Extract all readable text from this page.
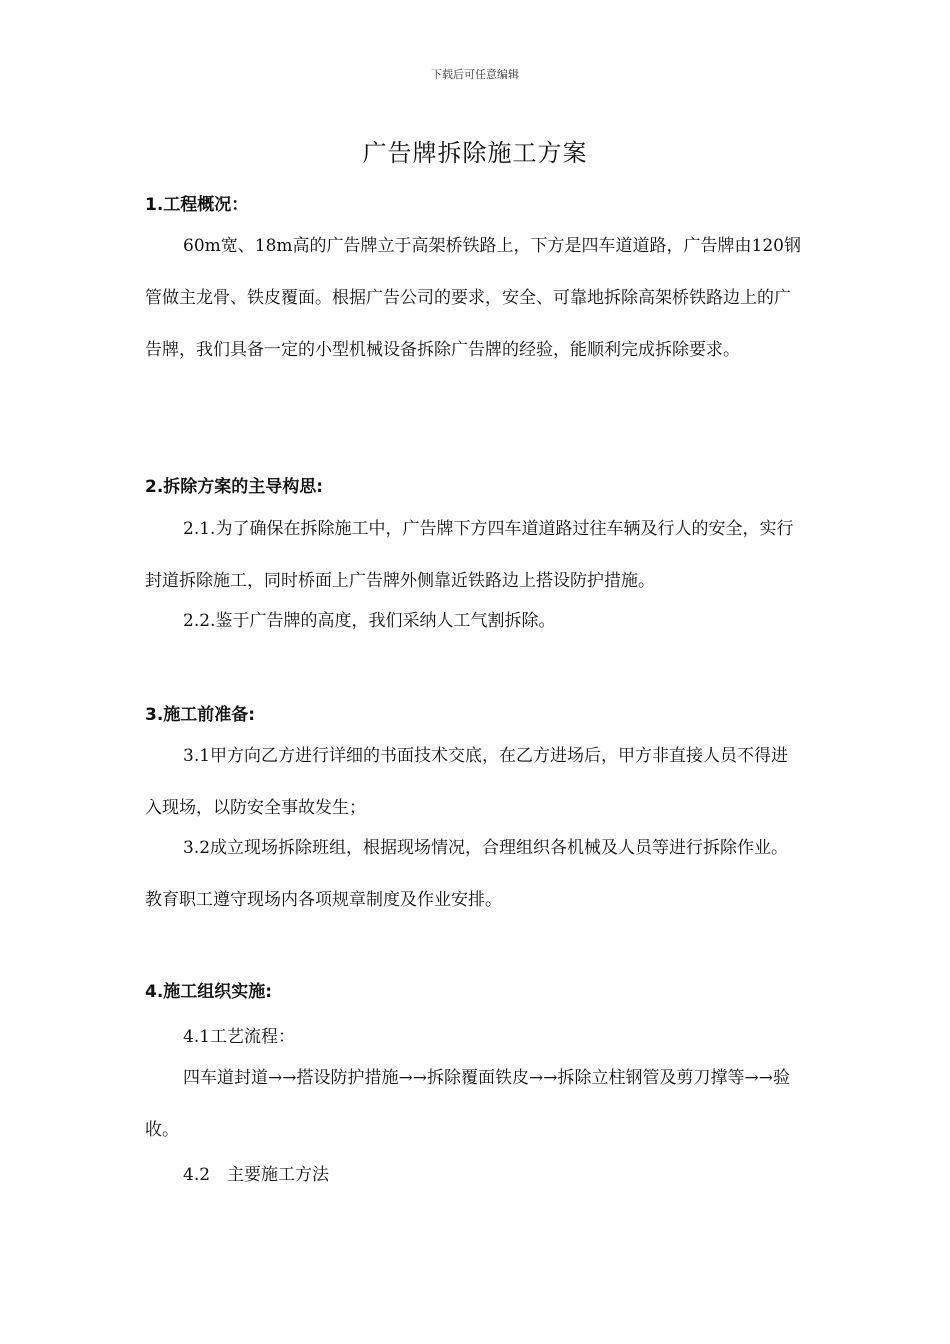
下载后可任意编辑
广告牌拆除施工方案
1.工程概况：

60m宽、18m高的广告牌立于高架桥铁路上，下方是四车道道路，广告牌由120钢管做主龙骨、铁皮覆面。根据广告公司的要求，安全、可靠地拆除高架桥铁路边上的广告牌，我们具备一定的小型机械设备拆除广告牌的经验，能顺利完成拆除要求。

2.拆除方案的主导构思:

2.1.为了确保在拆除施工中，广告牌下方四车道道路过往车辆及行人的安全，实行封道拆除施工，同时桥面上广告牌外侧靠近铁路边上搭设防护措施。

2.2.鉴于广告牌的高度，我们采纳人工气割拆除。

3.施工前准备:

3.1甲方向乙方进行详细的书面技术交底，在乙方进场后，甲方非直接人员不得进入现场，以防安全事故发生；

3.2成立现场拆除班组，根据现场情况，合理组织各机械及人员等进行拆除作业。教育职工遵守现场内各项规章制度及作业安排。

4.施工组织实施:

4.1工艺流程：

四车道封道→→搭设防护措施→→拆除覆面铁皮→→拆除立柱钢管及剪刀撑等→→验收。

4.2　主要施工方法
